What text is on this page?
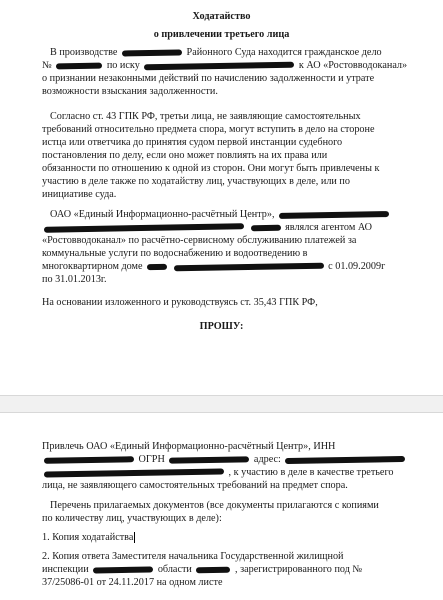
Ходатайство
о привлечении третьего лица
В производстве	Районного Суда находится гражданское дело
№	по иску	к АО «Ростовводоканал»
о признании незаконными действий по начислению задолженности и утрате
возможности взыскания задолженности.
Согласно ст. 43 ГПК РФ, третьи лица, не заявляющие самостоятельных
требований относительно предмета спора, могут вступить в дело на стороне
истца или ответчика до принятия судом первой инстанции судебного
постановления по делу, если оно может повлиять на их права или
обязанности по отношению к одной из сторон. Они могут быть привлечены к
участию в деле также по ходатайству лиц, участвующих в деле, или по
инициативе суда.
ОАО «Единый Информационно-расчётный Центр»,
являлся агентом АО
«Ростовводоканал» по расчётно-сервисному обслуживанию платежей за
коммунальные услуги по водоснабжению и водоотведению в
многоквартирном доме	с 01.09.2009г
по 31.01.2013г.
На основании изложенного и руководствуясь ст. 35,43 ГПК РФ,
ПРОШУ:
Привлечь ОАО «Единый Информационно-расчётный Центр», ИНН
ОГРН	адрес:
, к участию в деле в качестве третьего
лица, не заявляющего самостоятельных требований на предмет спора.
Перечень прилагаемых документов (все документы прилагаются с копиями
по количеству лиц, участвующих в деле):
1. Копия ходатайства
2. Копия ответа Заместителя начальника Государственной жилищной
инспекции	области	, зарегистрированного под №
37/25086-01 от 24.11.2017 на одном листе
